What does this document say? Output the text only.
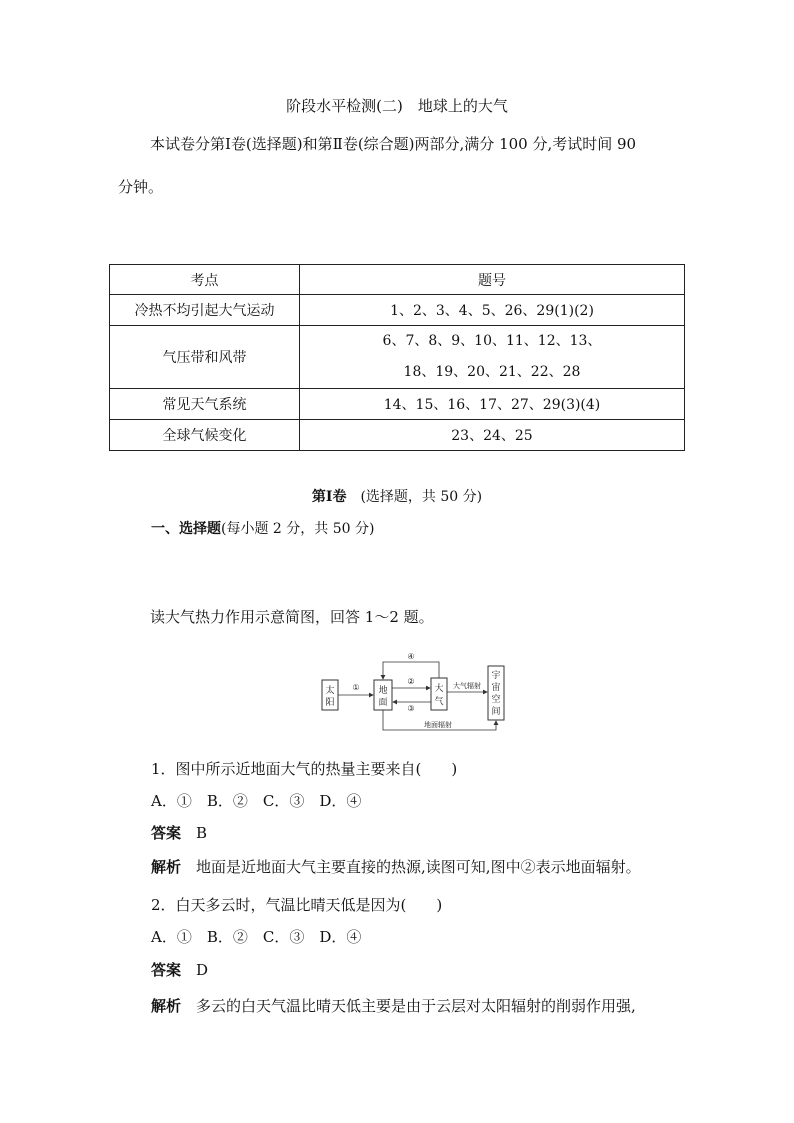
阶段水平检测(二)　地球上的大气
本试卷分第Ⅰ卷(选择题)和第Ⅱ卷(综合题)两部分,满分 100 分,考试时间 90
分钟。
考点	题号
冷热不均引起大气运动	1、2、3、4、5、26、29(1)(2)
气压带和风带	6、7、8、9、10、11、12、13、
18、19、20、21、22、28

常见天气系统	14、15、16、17、27、29(3)(4)
全球气候变化	23、24、25
第Ⅰ卷　 (选择题，共 50 分)
一、选择题(每小题 2 分，共 50 分)
读大气热力作用示意简图，回答 1～2 题。
太
阳
地
面
大
气
宇
宙
空
间
④
①
②
③
大气辐射
地面辐射
1．图中所示近地面大气的热量主要来自(　　)
A．①　B．②　C．③　D．④
答案　 B
解析　 地面是近地面大气主要直接的热源,读图可知,图中②表示地面辐射。
2．白天多云时，气温比晴天低是因为(　　)
A．①　B．②　C．③　D．④
答案　 D
解析　 多云的白天气温比晴天低主要是由于云层对太阳辐射的削弱作用强,
